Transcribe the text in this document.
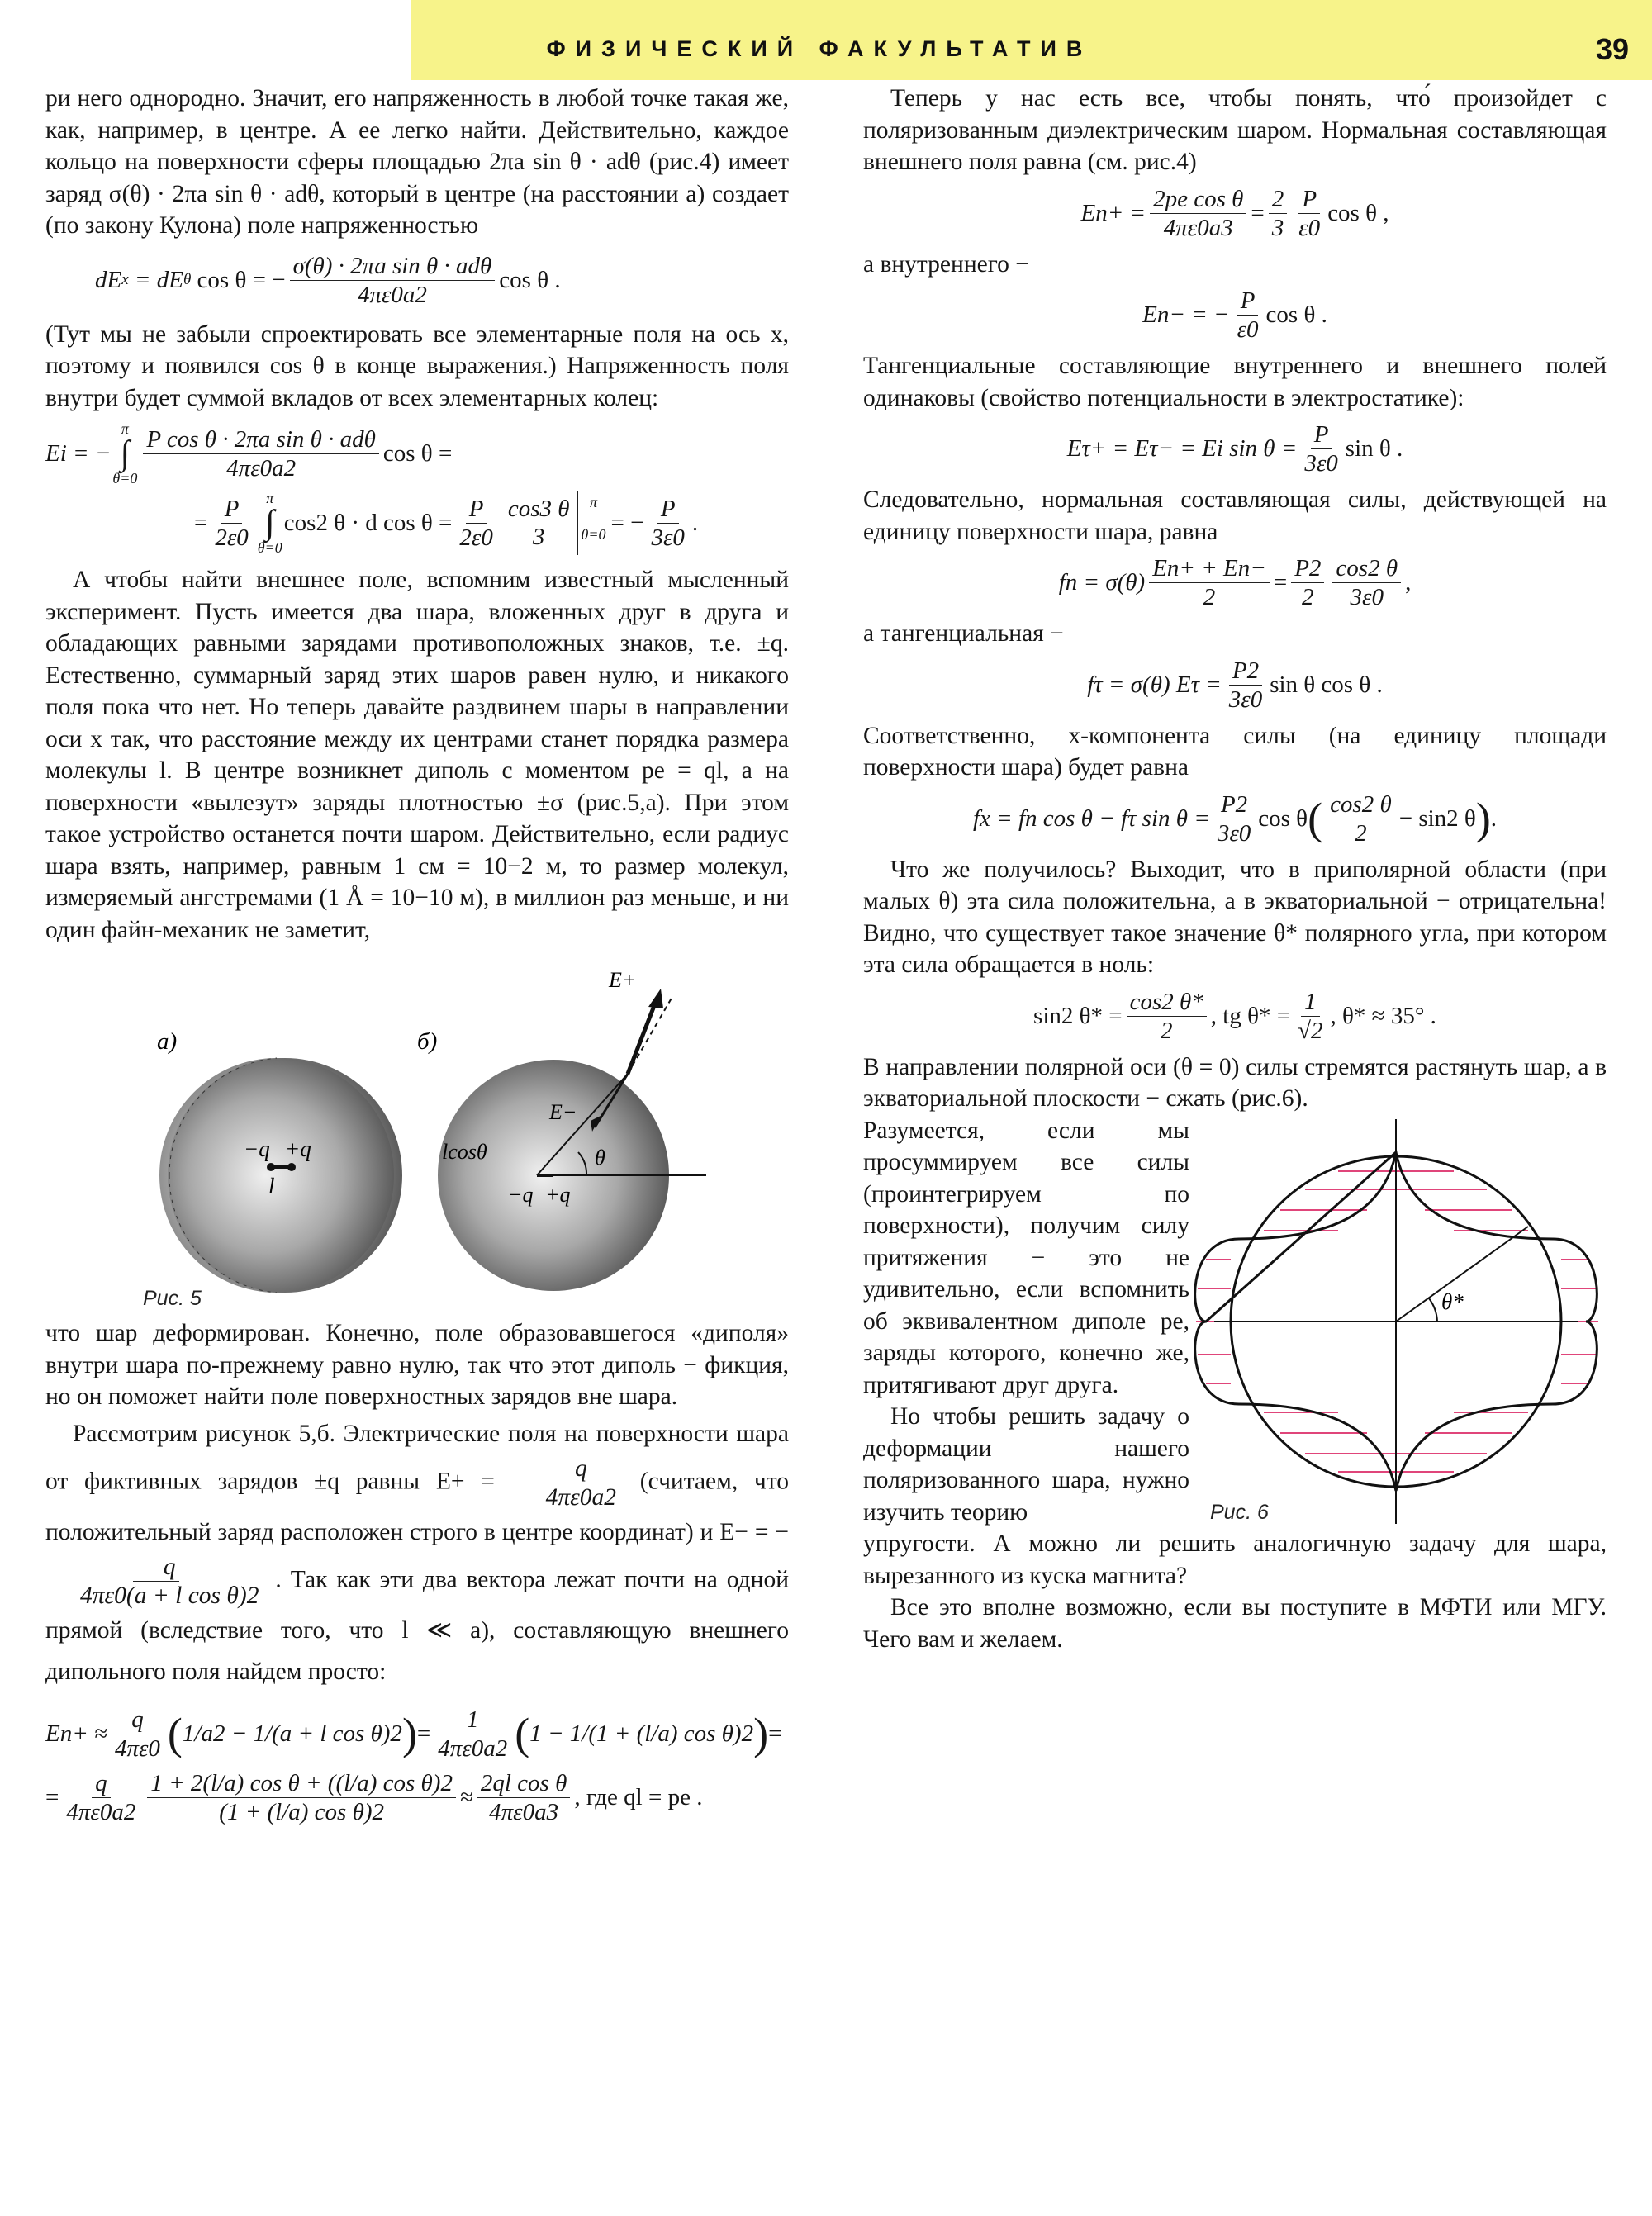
ФИЗИЧЕСКИЙ ФАКУЛЬТАТИВ	39

ри него однородно. Значит, его напряженность в любой точке такая же, как, например, в центре. А ее легко найти. Действительно, каждое кольцо на поверхности сферы площадью 2πa sin θ · adθ (рис.4) имеет заряд σ(θ) · 2πa sin θ · adθ, который в центре (на расстоянии a) создает (по закону Кулона) поле напряженностью

dE x
= dE θ
cos θ = − $\frac{\text{σ(θ) · 2πa sin θ · adθ}}{4\pi\varepsilon 0a2}$ cos θ .

(Тут мы не забыли спроектировать все элементарные поля на ось x, поэтому и появился cos θ в конце выражения.) Напряженность поля внутри будет суммой вкладов от всех элементарных колец:

Ei = −
π
∫
$\theta=0 \frac{\text{P cos θ · 2πa sin θ · adθ}}{4\pi\varepsilon 0a2}$ cos θ =
= $\frac{P}{2\varepsilon 0}$ π
∫
θ=0
cos2 θ · d $\cos \theta = \frac{P}{2\varepsilon 0} \cos 3$ θ
3
π
θ=0 = − $\frac{P}{3\varepsilon 0}$ .

А чтобы найти внешнее поле, вспомним известный мысленный эксперимент. Пусть имеется два шара, вложенных друг в друга и обладающих равными зарядами противоположных знаков, т.е. ±q. Естественно, суммарный заряд этих шаров равен нулю, и никакого поля пока что нет. Но теперь давайте раздвинем шары в направлении оси x так, что расстояние между их центрами станет порядка размера молекулы l. В центре возникнет диполь с моментом pe = ql, а на поверхности «вылезут» заряды плотностью ±σ (рис.5,а). При этом такое устройство останется почти шаром. Действительно, если радиус шара взять, например, равным 1 см = 10−2 м, то размер молекул, измеряемый ангстремами (1 Å = 10−10 м), в миллион раз меньше, и ни один файн-механик не заметит,

−q +q
l
а)
θ
lcosθ
−q +q
E−
E+
б)
Рис. 5

что шар деформирован. Конечно, поле образовавшегося «диполя» внутри шара по-прежнему равно нулю, так что этот диполь − фикция, но он поможет найти поле поверхностных зарядов вне шара.

Рассмотрим рисунок 5,б. Электрические поля на поверхности шара от фиктивных зарядов ±q равны $E+ = \frac{q}{4\pi\varepsilon 0a2}$ (считаем, что положительный заряд расположен строго в центре координат) и E− = −
$\frac{q}{\text{4πε0(a + l cos θ)2}}$ . Так как эти два вектора лежат почти на одной прямой (вследствие того, что l ≪ a), составляющую внешнего дипольного поля найдем просто:

$En+ \approx \frac{q}{4\pi\varepsilon 0}$ ( 1/a2 − 1/(a + l cos θ)2 ) = $\frac{1}{4\pi\varepsilon 0a2}$ ( 1 − 1/(1 + (l/a) cos θ)2 ) =
= $\frac{q}{4\pi\varepsilon 0a2} \frac{\text{1 + 2(l/a) cos θ + ((l/a) cos θ)2}}{\text{(1 + (l/a) cos θ)2}} \approx \frac{\text{2ql cos θ}}{4\pi\varepsilon 0a3}$ , где ql = pe .

Теперь у нас есть все, чтобы понять, что́ произойдет с поляризованным диэлектрическим шаром. Нормальная составляющая внешнего поля равна (см. рис.4)

$En+ = \frac{\text{2pe cos θ}}{4\pi\varepsilon 0a3} = \frac{2}{3} \frac{P}{\varepsilon 0}$ cos θ ,

а внутреннего −

En− = − $\frac{P}{\varepsilon 0}$ cos θ .

Тангенциальные составляющие внутреннего и внешнего полей одинаковы (свойство потенциальности в электростатике):

Eτ+ = Eτ− = Ei $\sin \theta = \frac{P}{3\varepsilon 0}$ sin θ .

Следовательно, нормальная составляющая силы, действующей на единицу поверхности шара, равна

fn = $\sigma(\theta) \frac{En+ + En-}{2} = \frac{P2}{2} \frac{\cos 2 \theta}{3\varepsilon 0}$ ,

а тангенциальная −

fτ = σ(θ) $E\tau = \frac{P2}{3\varepsilon 0}$ sin θ cos θ .

Соответственно, x-компонента силы (на единицу площади поверхности шара) будет равна

fx = fn cos θ − fτ $\sin \theta = \frac{P2}{3\varepsilon 0}$ cos θ ( $\frac{\cos 2 \theta}{2} - \sin 2$ θ ) .

Что же получилось? Выходит, что в приполярной области (при малых θ) эта сила положительна, а в экваториальной − отрицательна! Видно, что существует такое значение θ* полярного угла, при котором эта сила обращается в ноль:

sin2 $\theta* = \frac{\cos 2 \theta*}{2}$ , tg $\theta* = \frac{1}{√2}$ , θ* ≈ 35° .

В направлении полярной оси (θ = 0) силы стремятся растянуть шар, а в экваториальной плоскости − сжать (рис.6).

Разумеется, если мы просуммируем все силы (проинтегрируем по поверхности), получим силу притяжения − это не удивительно, если вспомнить об эквивалентном диполе pe, заряды которого, конечно же, притягивают друг друга.

Но чтобы решить задачу о деформации нашего поляризованного шара, нужно изучить теорию

θ*
Рис. 6

упругости. А можно ли решить аналогичную задачу для шара, вырезанного из куска магнита?

Все это вполне возможно, если вы поступите в МФТИ или МГУ. Чего вам и желаем.
